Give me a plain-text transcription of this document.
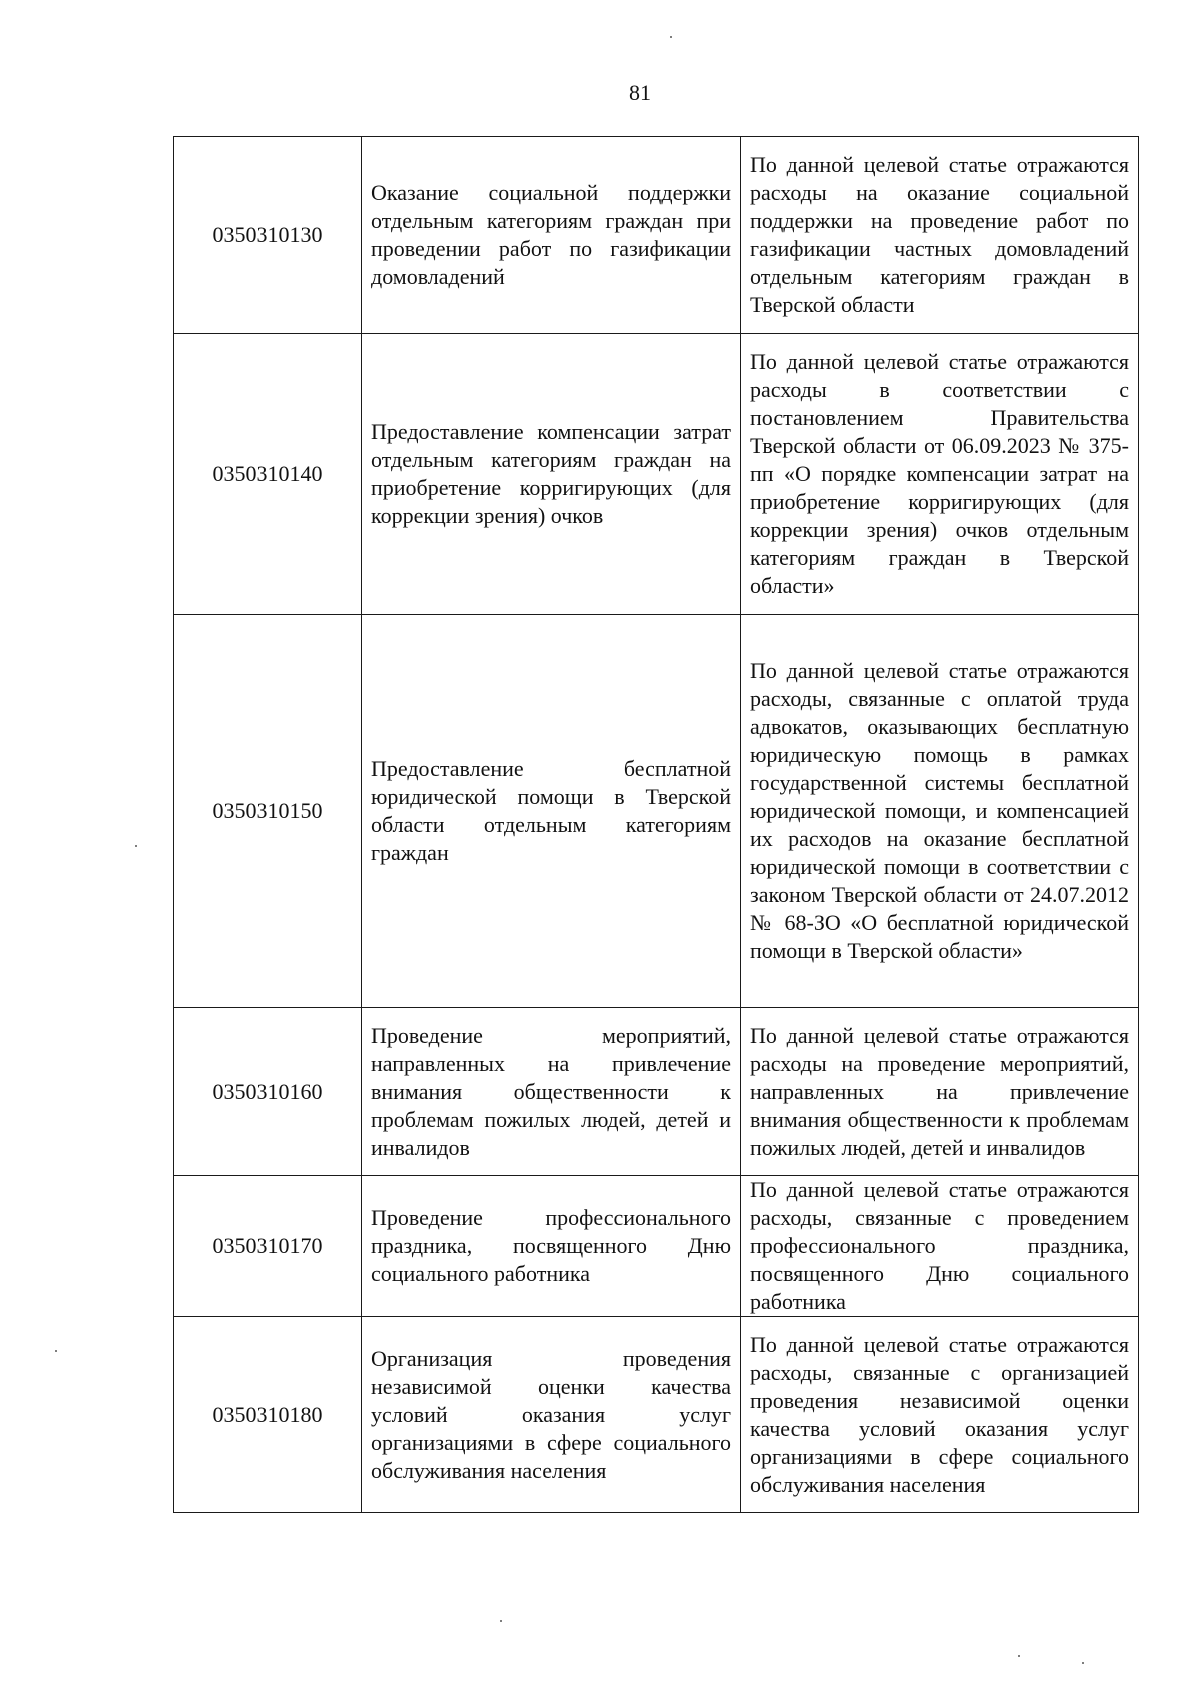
81
0350310130	Оказание социальной поддержки отдельным категориям граждан при проведении работ по газификации домовладений	По данной целевой статье отражаются расходы на оказание социальной поддержки на проведение работ по газификации частных домовладений отдельным категориям граждан в Тверской области

0350310140	Предоставление компенсации затрат отдельным категориям граждан на приобретение корригирующих (для коррекции зрения) очков	По данной целевой статье отражаются расходы в соответствии с постановлением Правительства Тверской области от 06.09.2023 № 375-пп «О порядке компенсации затрат на приобретение корригирующих (для коррекции зрения) очков отдельным категориям граждан в Тверской области»

0350310150	Предоставление бесплатной юридической помощи в Тверской области отдельным категориям граждан	По данной целевой статье отражаются расходы, связанные с оплатой труда адвокатов, оказывающих бесплатную юридическую помощь в рамках государственной системы бесплатной юридической помощи, и компенсацией их расходов на оказание бесплатной юридической помощи в соответствии с законом Тверской области от 24.07.2012 № 68-ЗО «О бесплатной юридической помощи в Тверской области»

0350310160	Проведение мероприятий, направленных на привлечение внимания общественности к проблемам пожилых людей, детей и инвалидов	По данной целевой статье отражаются расходы на проведение мероприятий, направленных на привлечение внимания общественности к проблемам пожилых людей, детей и инвалидов

0350310170	Проведение профессионального праздника, посвященного Дню социального работника	По данной целевой статье отражаются расходы, связанные с проведением профессионального праздника, посвященного Дню социального работника

0350310180	Организация проведения независимой оценки качества условий оказания услуг организациями в сфере социального обслуживания населения	По данной целевой статье отражаются расходы, связанные с организацией проведения независимой оценки качества условий оказания услуг организациями в сфере социального обслуживания населения
